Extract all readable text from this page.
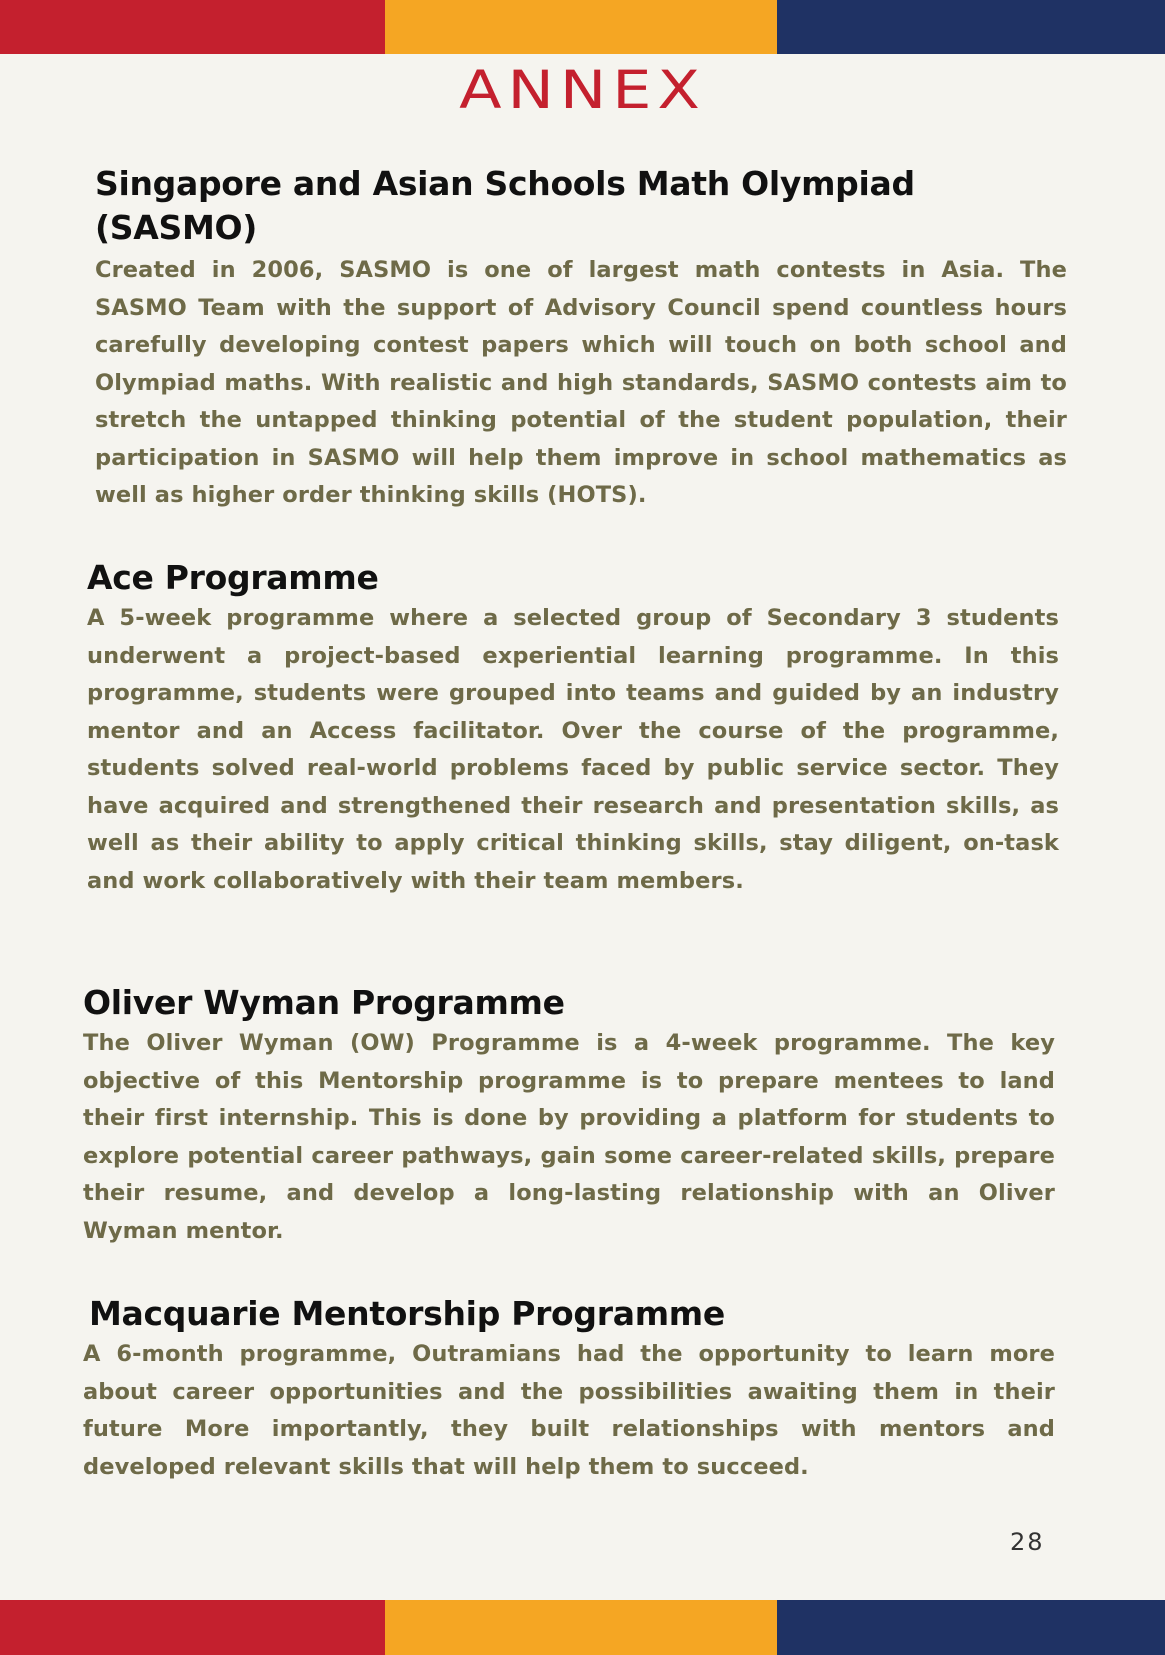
ANNEX
Singapore and Asian Schools Math Olympiad (SASMO)

Created in 2006, SASMO is one of largest math contests in Asia. The SASMO Team with the support of Advisory Council spend countless hours carefully developing contest papers which will touch on both school and Olympiad maths. With realistic and high standards, SASMO contests aim to stretch the untapped thinking potential of the student population, their participation in SASMO will help them improve in school mathematics as well as higher order thinking skills (HOTS).

Ace Programme

A 5-week programme where a selected group of Secondary 3 students underwent a project-based experiential learning programme. In this programme, students were grouped into teams and guided by an industry mentor and an Access facilitator. Over the course of the programme, students solved real-world problems faced by public service sector. They have acquired and strengthened their research and presentation skills, as well as their ability to apply critical thinking skills, stay diligent, on-task and work collaboratively with their team members.

Oliver Wyman Programme

The Oliver Wyman (OW) Programme is a 4-week programme. The key objective of this Mentorship programme is to prepare mentees to land their first internship. This is done by providing a platform for students to explore potential career pathways, gain some career-related skills, prepare their resume, and develop a long-lasting relationship with an Oliver Wyman mentor.

Macquarie Mentorship Programme

A 6-month programme, Outramians had the opportunity to learn more about career opportunities and the possibilities awaiting them in their future More importantly, they built relationships with mentors and developed relevant skills that will help them to succeed.

28
